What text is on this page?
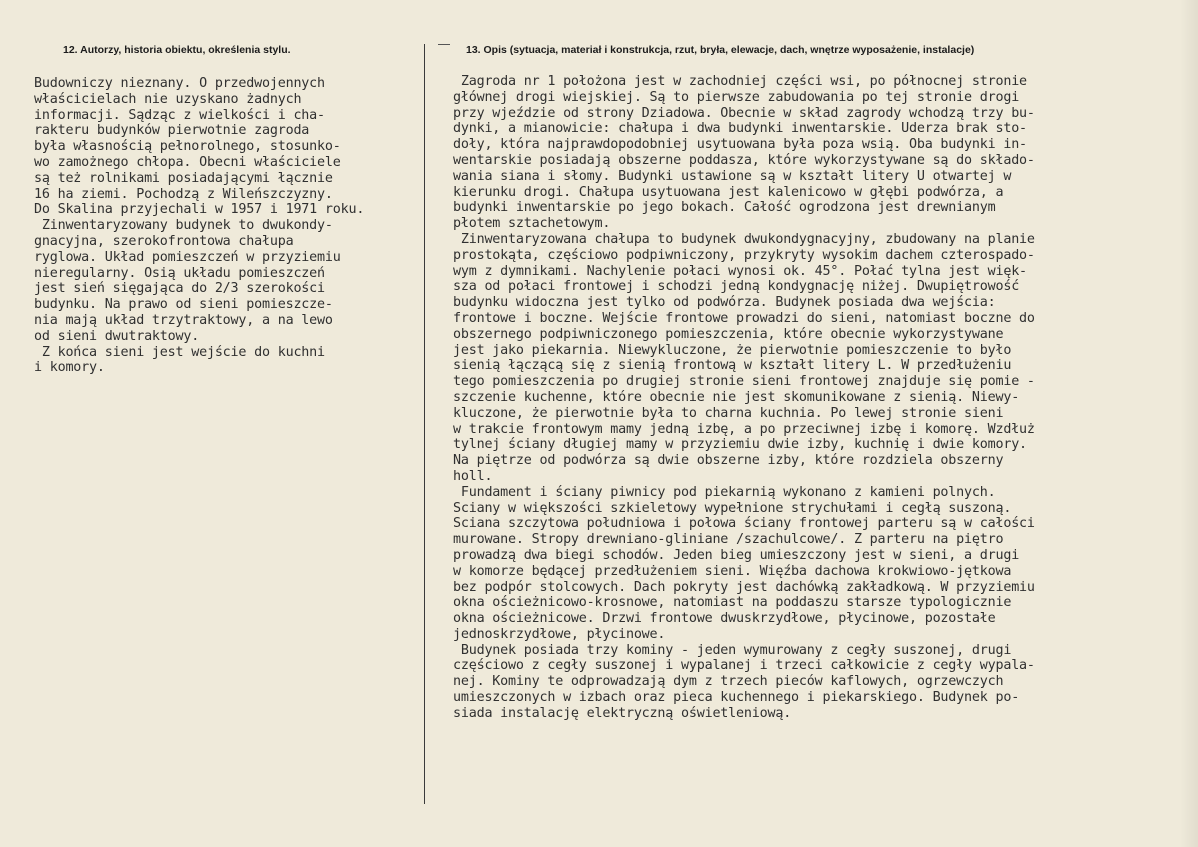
12. Autorzy, historia obiektu, określenia stylu.	13. Opis (sytuacja, materiał i konstrukcja, rzut, bryła, elewacje, dach, wnętrze wyposażenie, instalacje)
Budowniczy nieznany. O przedwojennych
właścicielach nie uzyskano żadnych
informacji. Sądząc z wielkości i cha-
rakteru budynków pierwotnie zagroda
była własnością pełnorolnego, stosunko-
wo zamożnego chłopa. Obecni właściciele
są też rolnikami posiadającymi łącznie
16 ha ziemi. Pochodzą z Wileńszczyzny.
Do Skalina przyjechali w 1957 i 1971 roku.
Zinwentaryzowany budynek to dwukondy-
gnacyjna, szerokofrontowa chałupa
ryglowa. Układ pomieszczeń w przyziemiu
nieregularny. Osią układu pomieszczeń
jest sień sięgająca do 2/3 szerokości
budynku. Na prawo od sieni pomieszcze-
nia mają układ trzytraktowy, a na lewo
od sieni dwutraktowy.
Z końca sieni jest wejście do kuchni
i komory.
Zagroda nr 1 położona jest w zachodniej części wsi, po północnej stronie
głównej drogi wiejskiej. Są to pierwsze zabudowania po tej stronie drogi
przy wjeździe od strony Dziadowa. Obecnie w skład zagrody wchodzą trzy bu-
dynki, a mianowicie: chałupa i dwa budynki inwentarskie. Uderza brak sto-
doły, która najprawdopodobniej usytuowana była poza wsią. Oba budynki in-
wentarskie posiadają obszerne poddasza, które wykorzystywane są do składo-
wania siana i słomy. Budynki ustawione są w kształt litery U otwartej w
kierunku drogi. Chałupa usytuowana jest kalenicowo w głębi podwórza, a
budynki inwentarskie po jego bokach. Całość ogrodzona jest drewnianym
płotem sztachetowym.
Zinwentaryzowana chałupa to budynek dwukondygnacyjny, zbudowany na planie
prostokąta, częściowo podpiwniczony, przykryty wysokim dachem czterospado-
wym z dymnikami. Nachylenie połaci wynosi ok. 45°. Połać tylna jest więk-
sza od połaci frontowej i schodzi jedną kondygnację niżej. Dwupiętrowość
budynku widoczna jest tylko od podwórza. Budynek posiada dwa wejścia:
frontowe i boczne. Wejście frontowe prowadzi do sieni, natomiast boczne do
obszernego podpiwniczonego pomieszczenia, które obecnie wykorzystywane
jest jako piekarnia. Niewykluczone, że pierwotnie pomieszczenie to było
sienią łączącą się z sienią frontową w kształt litery L. W przedłużeniu
tego pomieszczenia po drugiej stronie sieni frontowej znajduje się pomie -
szczenie kuchenne, które obecnie nie jest skomunikowane z sienią. Niewy-
kluczone, że pierwotnie była to charna kuchnia. Po lewej stronie sieni
w trakcie frontowym mamy jedną izbę, a po przeciwnej izbę i komorę. Wzdłuż
tylnej ściany długiej mamy w przyziemiu dwie izby, kuchnię i dwie komory.
Na piętrze od podwórza są dwie obszerne izby, które rozdziela obszerny
holl.
Fundament i ściany piwnicy pod piekarnią wykonano z kamieni polnych.
Sciany w większości szkieletowy wypełnione strychułami i cegłą suszoną.
Sciana szczytowa południowa i połowa ściany frontowej parteru są w całości
murowane. Stropy drewniano-gliniane /szachulcowe/. Z parteru na piętro
prowadzą dwa biegi schodów. Jeden bieg umieszczony jest w sieni, a drugi
w komorze będącej przedłużeniem sieni. Więźba dachowa krokwiowo-jętkowa
bez podpór stolcowych. Dach pokryty jest dachówką zakładkową. W przyziemiu
okna ościeżnicowo-krosnowe, natomiast na poddaszu starsze typologicznie
okna ościeżnicowe. Drzwi frontowe dwuskrzydłowe, płycinowe, pozostałe
jednoskrzydłowe, płycinowe.
Budynek posiada trzy kominy - jeden wymurowany z cegły suszonej, drugi
częściowo z cegły suszonej i wypalanej i trzeci całkowicie z cegły wypala-
nej. Kominy te odprowadzają dym z trzech pieców kaflowych, ogrzewczych
umieszczonych w izbach oraz pieca kuchennego i piekarskiego. Budynek po-
siada instalację elektryczną oświetleniową.
